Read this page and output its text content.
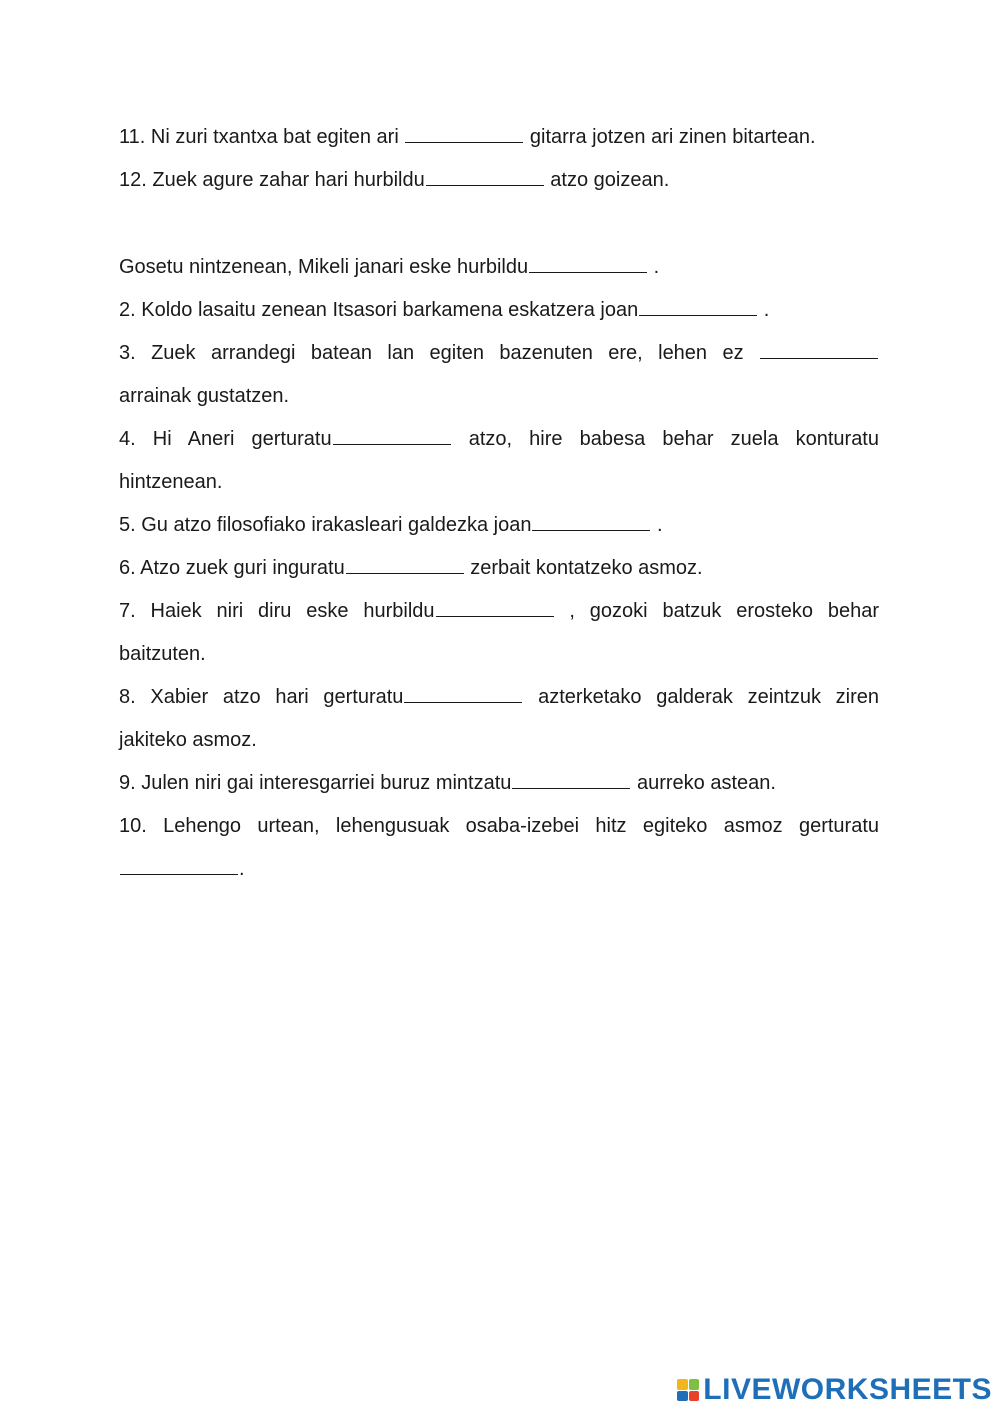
11. Ni zuri txantxa bat egiten ari	gitarra jotzen ari zinen bitartean.

12. Zuek agure zahar hari hurbildu	atzo goizean.

Gosetu nintzenean, Mikeli janari eske hurbildu	.

2. Koldo lasaitu zenean Itsasori barkamena eskatzera joan	.

3. Zuek arrandegi batean lan egiten bazenuten ere, lehen ez

arrainak gustatzen.

4. Hi Aneri gerturatu	atzo, hire babesa behar zuela konturatu

hintzenean.

5. Gu atzo filosofiako irakasleari galdezka joan	.

6. Atzo zuek guri inguratu	zerbait kontatzeko asmoz.

7. Haiek niri diru eske hurbildu	, gozoki batzuk erosteko behar

baitzuten.

8. Xabier atzo hari gerturatu	azterketako galderak zeintzuk ziren

jakiteko asmoz.

9. Julen niri gai interesgarriei buruz mintzatu	aurreko astean.

10. Lehengo urtean, lehengusuak osaba-izebei hitz egiteko asmoz gerturatu

.

LIVEWORKSHEETS
